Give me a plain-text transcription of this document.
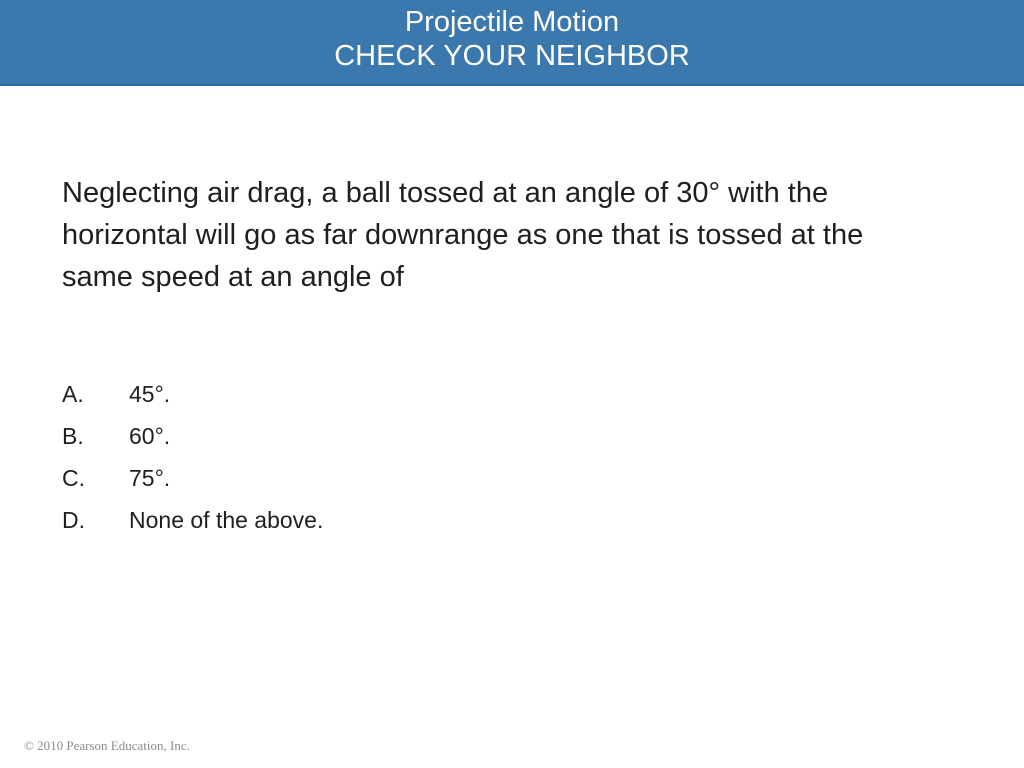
Projectile Motion
CHECK YOUR NEIGHBOR

Neglecting air drag, a ball tossed at an angle of 30° with the horizontal will go as far downrange as one that is tossed at the same speed at an angle of

A.	45°.
B.	60°.
C.	75°.
D.	None of the above.
© 2010 Pearson Education, Inc.
